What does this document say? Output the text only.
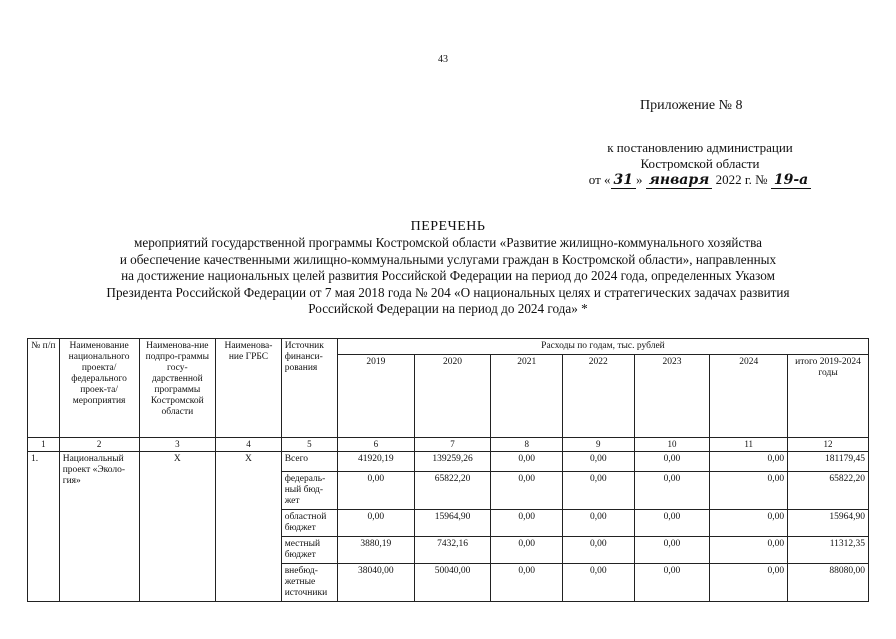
43
Приложение № 8
к постановлению администрации
Костромской области
от « 31 » января 2022 г. № 19-а
ПЕРЕЧЕНЬ
мероприятий государственной программы Костромской области «Развитие жилищно-коммунального хозяйства
и обеспечение качественными жилищно-коммунальными услугами граждан в Костромской области», направленных
на достижение национальных целей развития Российской Федерации на период до 2024 года, определенных Указом
Президента Российской Федерации от 7 мая 2018 года № 204 «О национальных целях и стратегических задачах развития
Российской Федерации на период до 2024 года» *
№ п/п	Наименование национального проекта/ федерального проек-та/мероприятия	Наименова-ние подпро-граммы госу-дарственной программы Костромской области	Наименова-ние ГРБС	Источник финанси-рования	Расходы по годам, тыс. рублей						
					2019	2020	2021	2022	2023	2024	итого 2019-2024 годы
1	2	3	4	5	6	7	8	9	10	11	12
1.	Национальный проект «Эколо-гия»	Х	Х	Всего	41920,19	139259,26	0,00	0,00	0,00	0,00	181179,45
				федераль-ный бюд-жет	0,00	65822,20	0,00	0,00	0,00	0,00	65822,20
				областной бюджет	0,00	15964,90	0,00	0,00	0,00	0,00	15964,90
				местный бюджет	3880,19	7432,16	0,00	0,00	0,00	0,00	11312,35
				внебюд-жетные источники	38040,00	50040,00	0,00	0,00	0,00	0,00	88080,00
